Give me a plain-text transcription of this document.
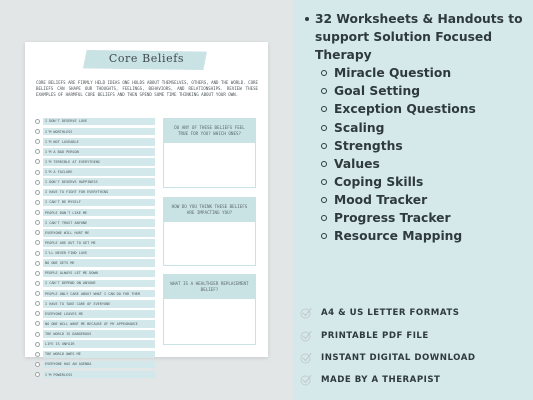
Core Beliefs

CORE BELIEFS ARE FIRMLY HELD IDEAS ONE HOLDS ABOUT THEMSELVES, OTHERS, AND THE WORLD. CORE BELIEFS CAN SHAPE OUR THOUGHTS, FEELINGS, BEHAVIORS, AND RELATIONSHIPS. REVIEW THESE EXAMPLES OF HARMFUL CORE BELIEFS AND THEN SPEND SOME TIME THINKING ABOUT YOUR OWN.

I DON'T DESERVE LOVE
I'M WORTHLESS
I'M NOT LOVEABLE
I'M A BAD PERSON
I'M TERRIBLE AT EVERYTHING
I'M A FAILURE
I DON'T DESERVE HAPPINESS
I HAVE TO FIGHT FOR EVERYTHING
I CAN'T BE MYSELF
PEOPLE DON'T LIKE ME
I CAN'T TRUST ANYONE
EVERYONE WILL HURT ME
PEOPLE ARE OUT TO GET ME
I'LL NEVER FIND LOVE
NO ONE GETS ME
PEOPLE ALWAYS LET ME DOWN
I CAN'T DEPEND ON ANYONE
PEOPLE ONLY CARE ABOUT WHAT I CAN DO FOR THEM
I HAVE TO TAKE CARE OF EVERYONE
EVERYONE LEAVES ME
NO ONE WILL WANT ME BECAUSE OF MY APPEARANCE
THE WORLD IS DANGEROUS
LIFE IS UNFAIR
THE WORLD OWES ME
EVERYONE HAS AN AGENDA
I'M POWERLESS
DO ANY OF THESE BELIEFS FEEL TRUE FOR YOU? WHICH ONES?
HOW DO YOU THINK THESE BELIEFS ARE IMPACTING YOU?
WHAT IS A HEALTHIER REPLACEMENT BELIEF?
32 Worksheets & Handouts to support Solution Focused Therapy
Miracle Question
Goal Setting
Exception Questions
Scaling
Strengths
Values
Coping Skills
Mood Tracker
Progress Tracker
Resource Mapping
A4 & US LETTER FORMATS
PRINTABLE PDF FILE
INSTANT DIGITAL DOWNLOAD
MADE BY A THERAPIST
